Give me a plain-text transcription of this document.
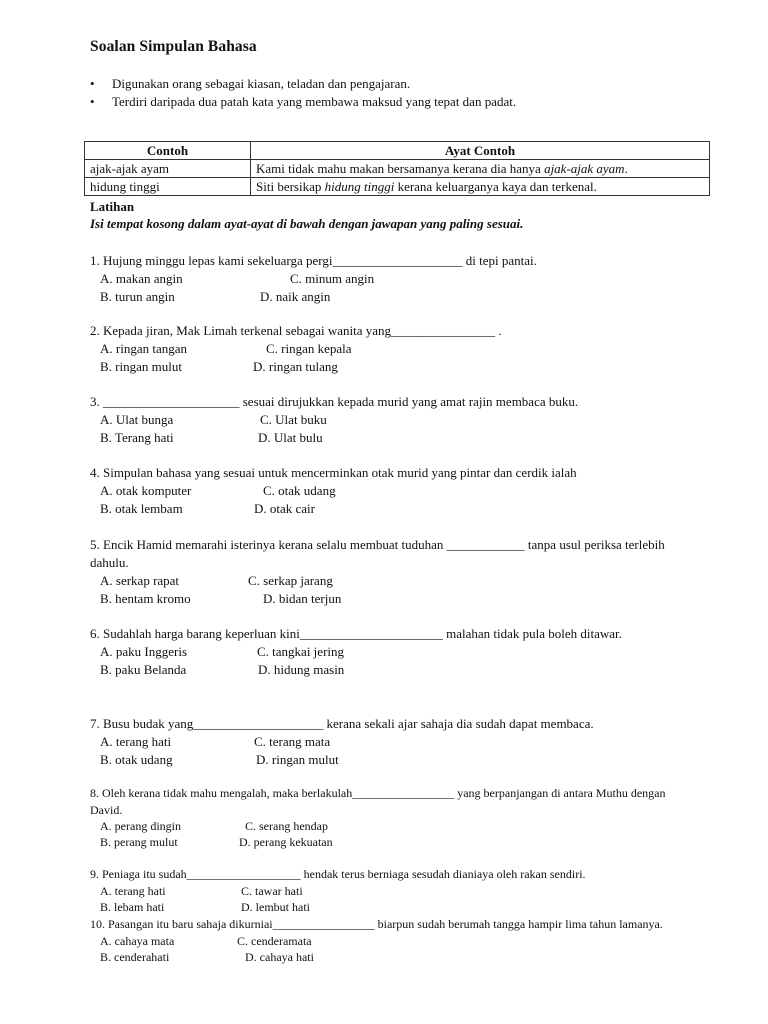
Soalan Simpulan Bahasa
•	Digunakan orang sebagai kiasan, teladan dan pengajaran.
•	Terdiri daripada dua patah kata yang membawa maksud yang tepat dan padat.
Contoh	Ayat Contoh
ajak-ajak ayam	Kami tidak mahu makan bersamanya kerana dia hanya ajak-ajak ayam.
hidung tinggi	Siti bersikap hidung tinggi kerana keluarganya kaya dan terkenal.
Latihan
Isi tempat kosong dalam ayat-ayat di bawah dengan jawapan yang paling sesuai.
1. Hujung minggu lepas kami sekeluarga pergi____________________ di tepi pantai.
A. makan angin	C. minum angin
B. turun angin	D. naik angin
2. Kepada jiran, Mak Limah terkenal sebagai wanita yang________________ .
A. ringan tangan	C. ringan kepala
B. ringan mulut	D. ringan tulang
3. _____________________ sesuai dirujukkan kepada murid yang amat rajin membaca buku.
A. Ulat bunga	C. Ulat buku
B. Terang hati	D. Ulat bulu
4. Simpulan bahasa yang sesuai untuk mencerminkan otak murid yang pintar dan cerdik ialah
A. otak komputer	C. otak udang
B. otak lembam	D. otak cair
5. Encik Hamid memarahi isterinya kerana selalu membuat tuduhan ____________ tanpa usul periksa terlebih dahulu.
A. serkap rapat	C. serkap jarang
B. hentam kromo	D. bidan terjun
6. Sudahlah harga barang keperluan kini______________________ malahan tidak pula boleh ditawar.
A. paku Inggeris	C. tangkai jering
B. paku Belanda	D. hidung masin
7. Busu budak yang____________________ kerana sekali ajar sahaja dia sudah dapat membaca.
A. terang hati	C. terang mata
B. otak udang	D. ringan mulut
8. Oleh kerana tidak mahu mengalah, maka berlakulah_________________ yang berpanjangan di antara Muthu dengan David.
A. perang dingin	C. serang hendap
B. perang mulut	D. perang kekuatan
9. Peniaga itu sudah___________________ hendak terus berniaga sesudah dianiaya oleh rakan sendiri.
A. terang hati	C. tawar hati
B. lebam hati	D. lembut hati
10. Pasangan itu baru sahaja dikurniai_________________ biarpun sudah berumah tangga hampir lima tahun lamanya.
A. cahaya mata	C. cenderamata
B. cenderahati	D. cahaya hati
